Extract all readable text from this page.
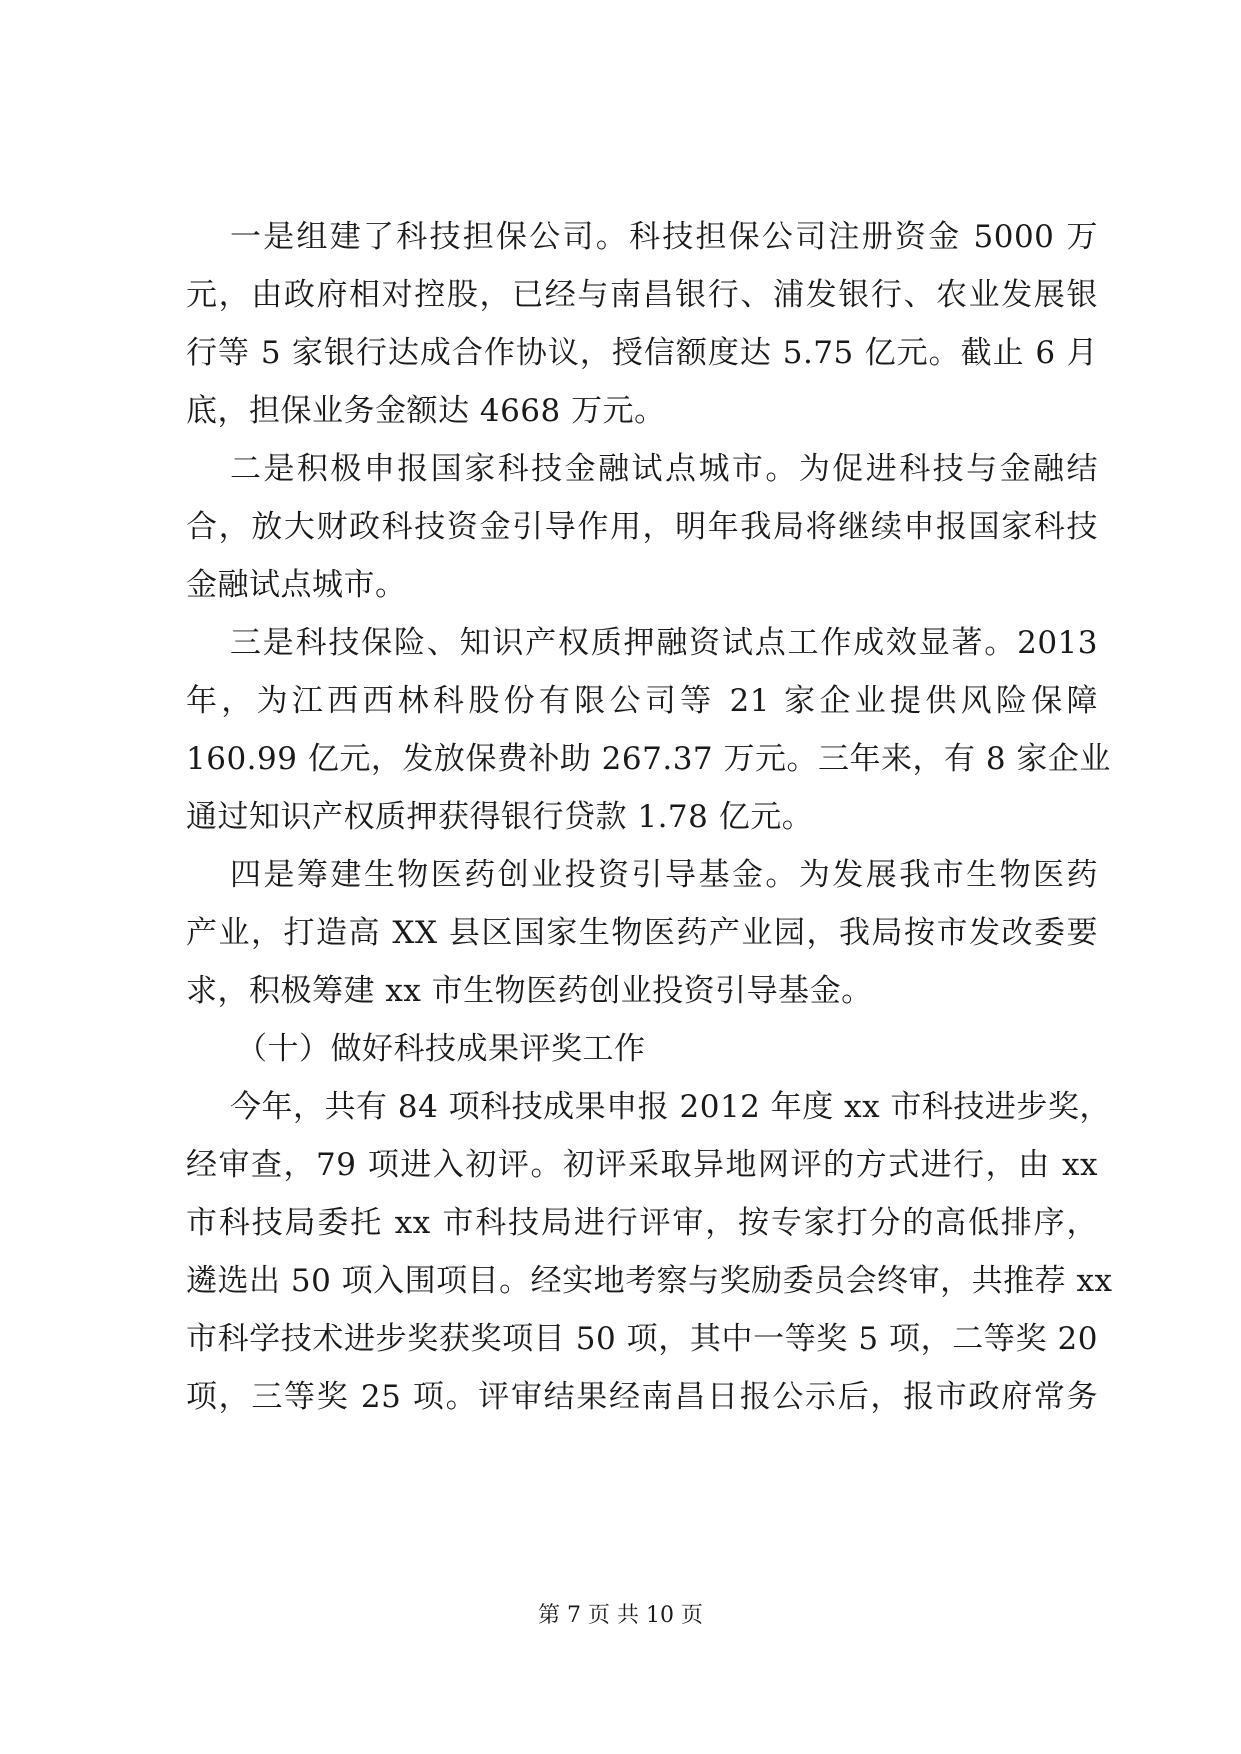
一是组建了科技担保公司。科技担保公司注册资金 5000 万
元，由政府相对控股，已经与南昌银行、浦发银行、农业发展银
行等 5 家银行达成合作协议，授信额度达 5.75 亿元。截止 6 月
底，担保业务金额达 4668 万元。
二是积极申报国家科技金融试点城市。为促进科技与金融结
合，放大财政科技资金引导作用，明年我局将继续申报国家科技
金融试点城市。
三是科技保险、知识产权质押融资试点工作成效显著。2013
年，为江西西林科股份有限公司等 21 家企业提供风险保障
160.99 亿元，发放保费补助 267.37 万元。三年来，有 8 家企业
通过知识产权质押获得银行贷款 1.78 亿元。
四是筹建生物医药创业投资引导基金。为发展我市生物医药
产业，打造高 XX 县区国家生物医药产业园，我局按市发改委要
求，积极筹建 xx 市生物医药创业投资引导基金。
（十）做好科技成果评奖工作
今年，共有 84 项科技成果申报 2012 年度 xx 市科技进步奖，
经审查，79 项进入初评。初评采取异地网评的方式进行，由 xx
市科技局委托 xx 市科技局进行评审，按专家打分的高低排序，
遴选出 50 项入围项目。经实地考察与奖励委员会终审，共推荐 xx
市科学技术进步奖获奖项目 50 项，其中一等奖 5 项，二等奖 20
项，三等奖 25 项。评审结果经南昌日报公示后，报市政府常务
第 7 页 共 10 页
